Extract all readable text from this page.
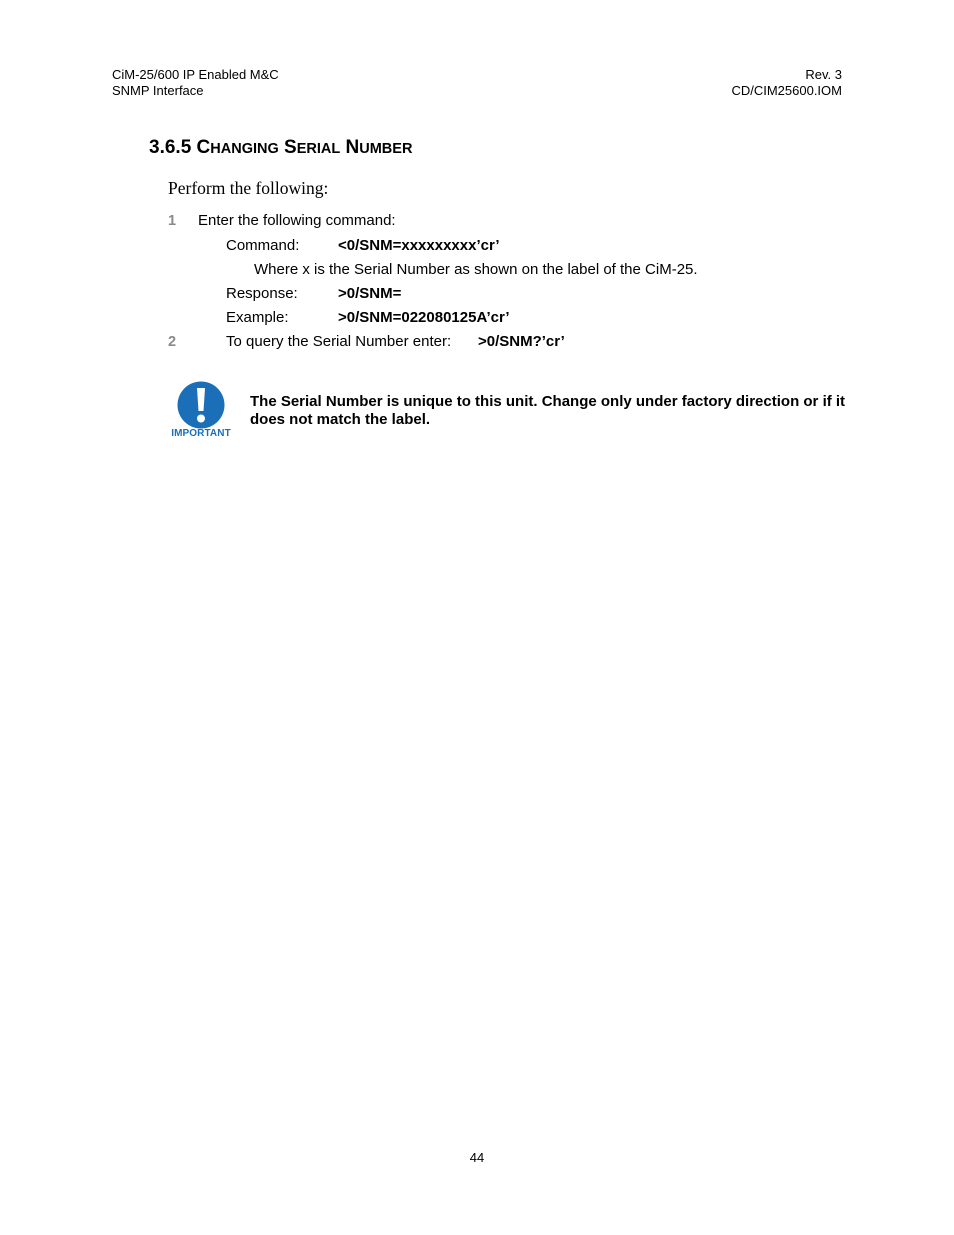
CiM-25/600 IP Enabled M&C
SNMP Interface
Rev. 3
CD/CIM25600.IOM
3.6.5 CHANGING SERIAL NUMBER
Perform the following:
1 Enter the following command:
Command:	<0/SNM=xxxxxxxxx’cr’
Where x is the Serial Number as shown on the label of the CiM-25.
Response:	>0/SNM=
Example:	>0/SNM=022080125A’cr’
2	To query the Serial Number enter: >0/SNM?’cr’
IMPORTANT
The Serial Number is unique to this unit. Change only under factory direction or if it does not match the label.
44
